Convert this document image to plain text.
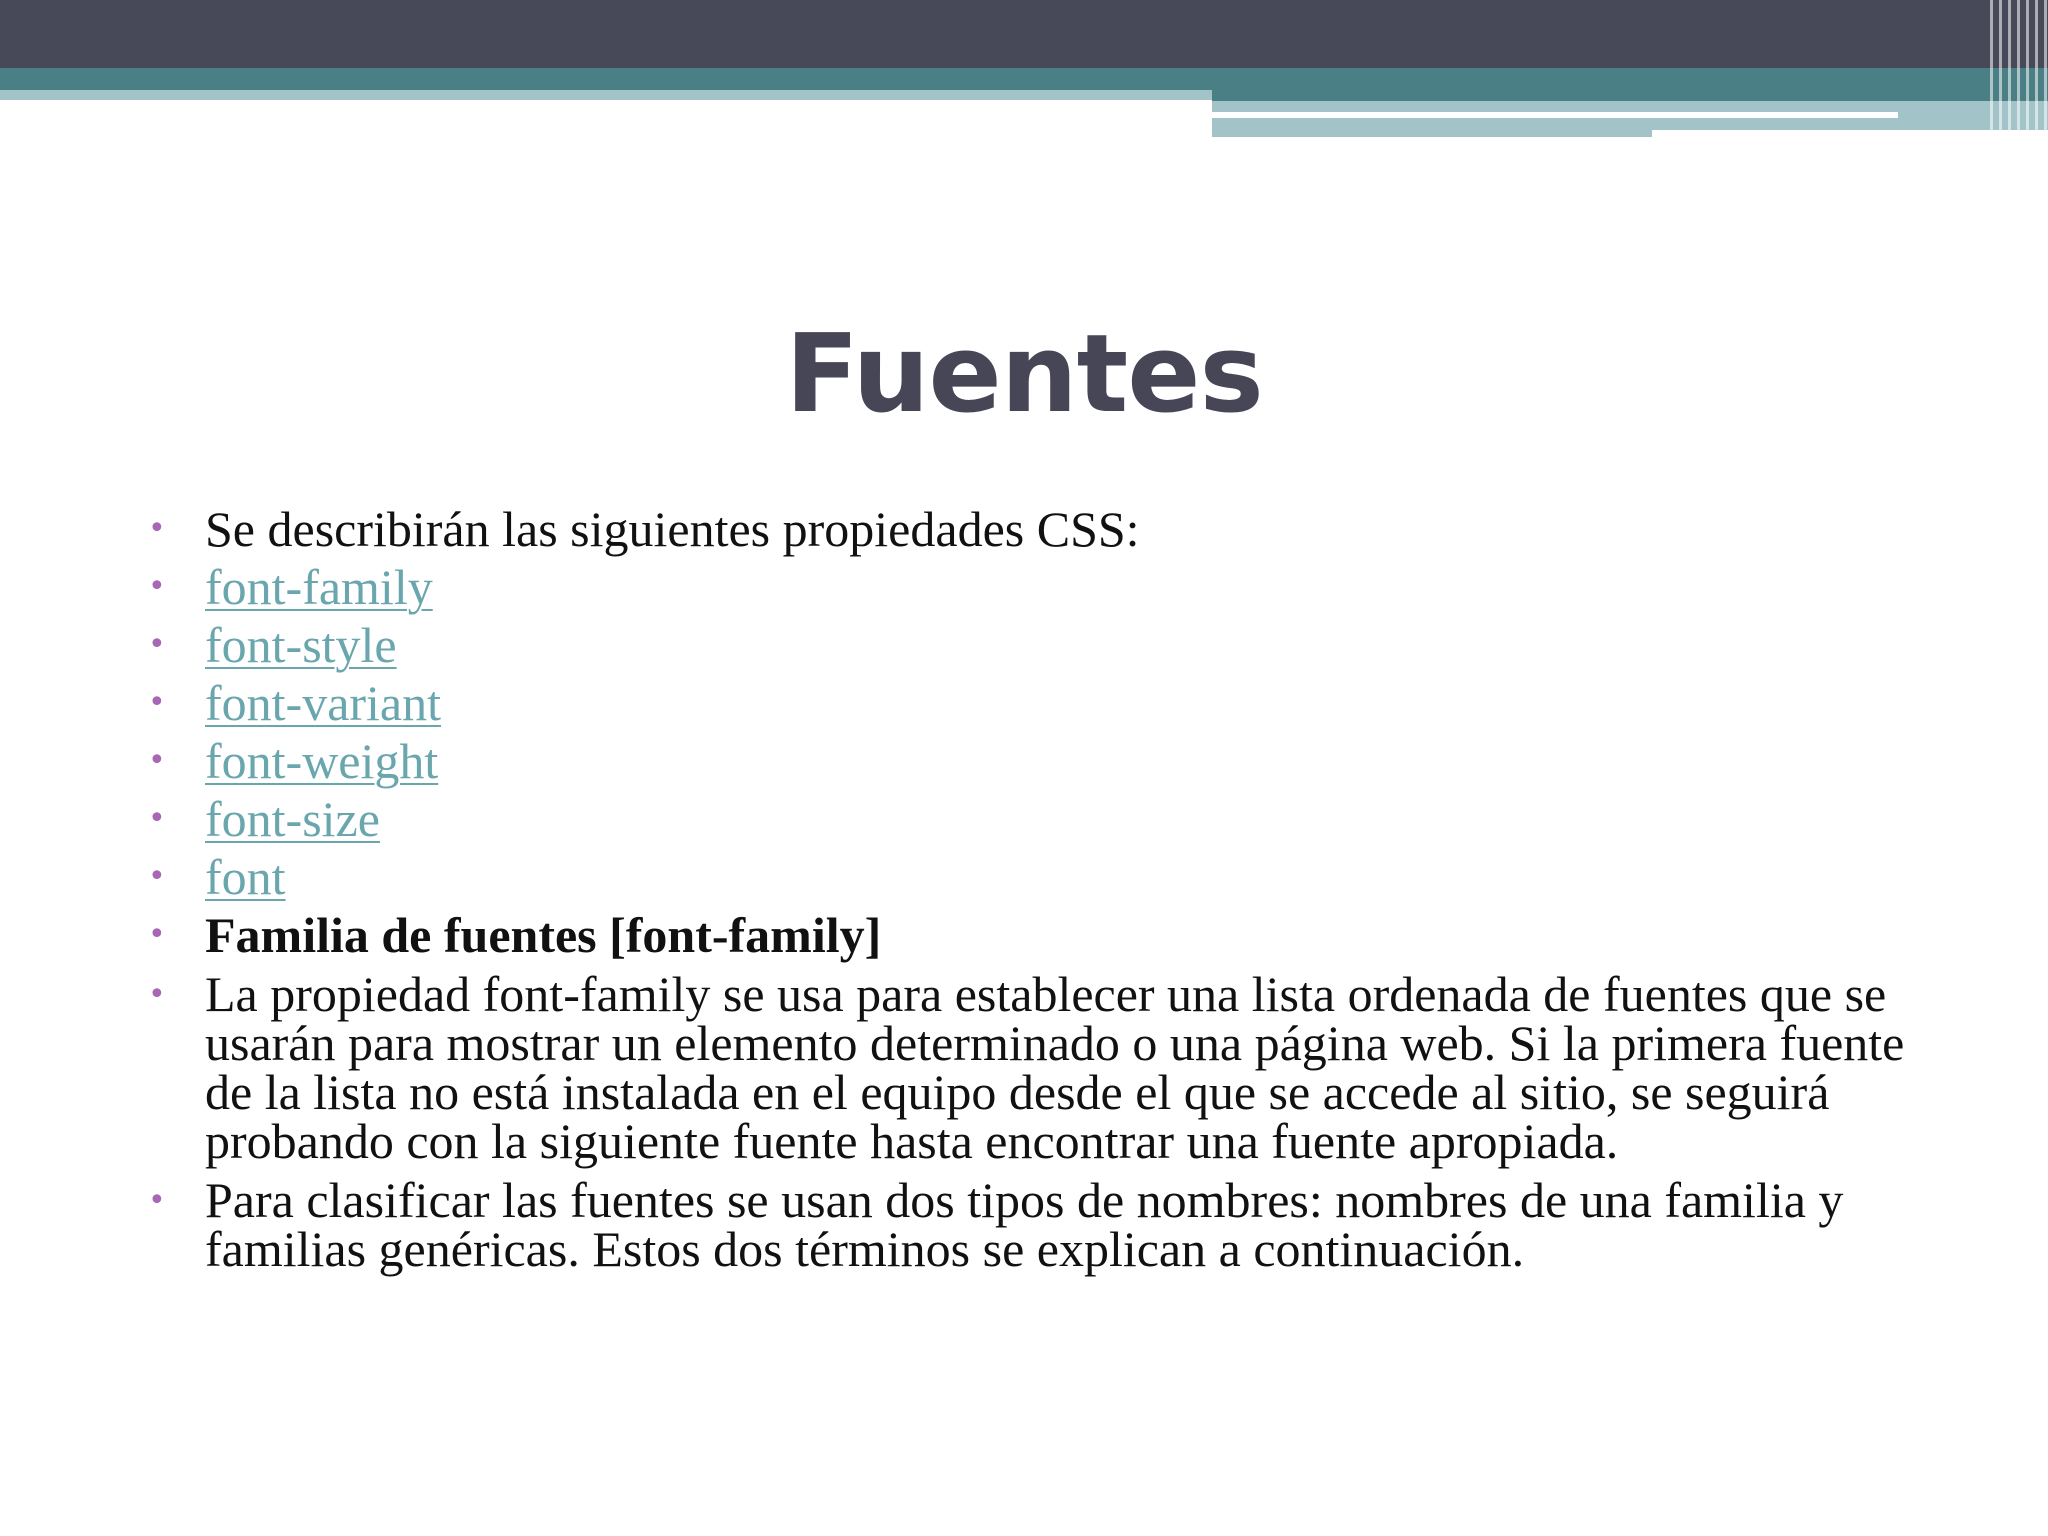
Fuentes
• Se describirán las siguientes propiedades CSS:
• font-family
• font-style
• font-variant
• font-weight
• font-size
• font
• Familia de fuentes [font-family]
• La propiedad font-family se usa para establecer una lista ordenada de fuentes que se usarán para mostrar un elemento determinado o una página web. Si la primera fuente de la lista no está instalada en el equipo desde el que se accede al sitio, se seguirá probando con la siguiente fuente hasta encontrar una fuente apropiada.
• Para clasificar las fuentes se usan dos tipos de nombres: nombres de una familia y familias genéricas. Estos dos términos se explican a continuación.
